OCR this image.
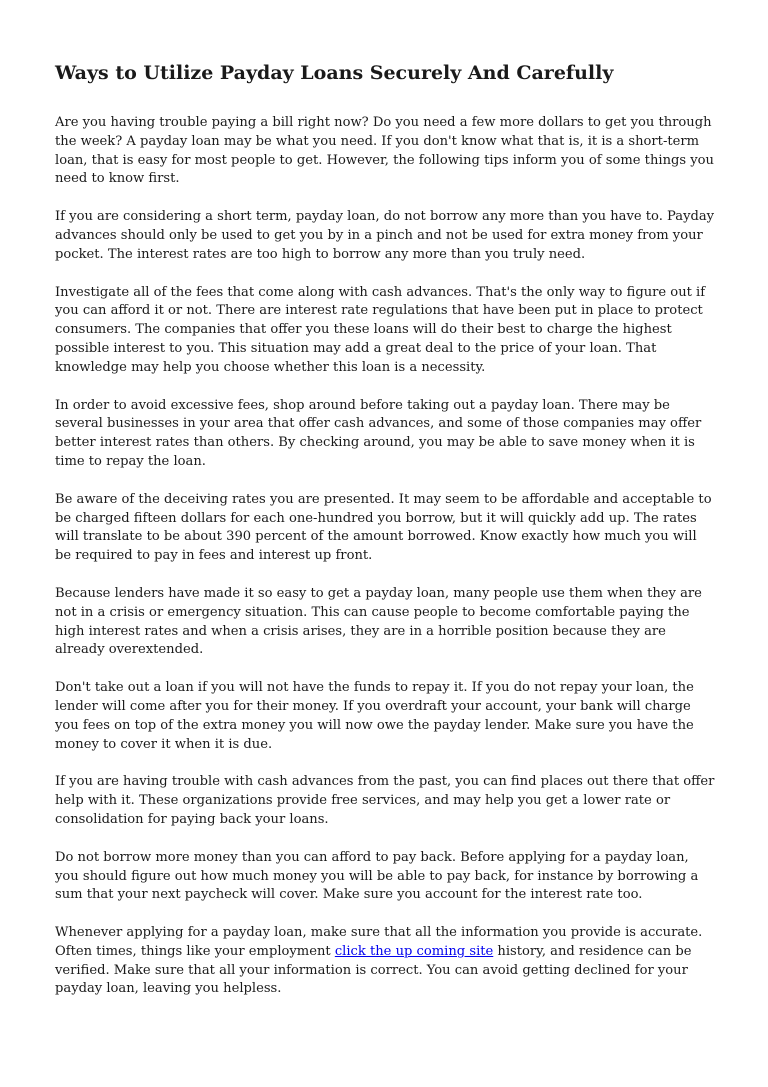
Ways to Utilize Payday Loans Securely And Carefully

Are you having trouble paying a bill right now? Do you need a few more dollars to get you through the week? A payday loan may be what you need. If you don't know what that is, it is a short-term loan, that is easy for most people to get. However, the following tips inform you of some things you need to know first.

If you are considering a short term, payday loan, do not borrow any more than you have to. Payday advances should only be used to get you by in a pinch and not be used for extra money from your pocket. The interest rates are too high to borrow any more than you truly need.

Investigate all of the fees that come along with cash advances. That's the only way to figure out if you can afford it or not. There are interest rate regulations that have been put in place to protect consumers. The companies that offer you these loans will do their best to charge the highest possible interest to you. This situation may add a great deal to the price of your loan. That knowledge may help you choose whether this loan is a necessity.

In order to avoid excessive fees, shop around before taking out a payday loan. There may be several businesses in your area that offer cash advances, and some of those companies may offer better interest rates than others. By checking around, you may be able to save money when it is time to repay the loan.

Be aware of the deceiving rates you are presented. It may seem to be affordable and acceptable to be charged fifteen dollars for each one-hundred you borrow, but it will quickly add up. The rates will translate to be about 390 percent of the amount borrowed. Know exactly how much you will be required to pay in fees and interest up front.

Because lenders have made it so easy to get a payday loan, many people use them when they are not in a crisis or emergency situation. This can cause people to become comfortable paying the high interest rates and when a crisis arises, they are in a horrible position because they are already overextended.

Don't take out a loan if you will not have the funds to repay it. If you do not repay your loan, the lender will come after you for their money. If you overdraft your account, your bank will charge you fees on top of the extra money you will now owe the payday lender. Make sure you have the money to cover it when it is due.

If you are having trouble with cash advances from the past, you can find places out there that offer help with it. These organizations provide free services, and may help you get a lower rate or consolidation for paying back your loans.

Do not borrow more money than you can afford to pay back. Before applying for a payday loan, you should figure out how much money you will be able to pay back, for instance by borrowing a sum that your next paycheck will cover. Make sure you account for the interest rate too.

Whenever applying for a payday loan, make sure that all the information you provide is accurate. Often times, things like your employment click the up coming site history, and residence can be verified. Make sure that all your information is correct. You can avoid getting declined for your payday loan, leaving you helpless.
